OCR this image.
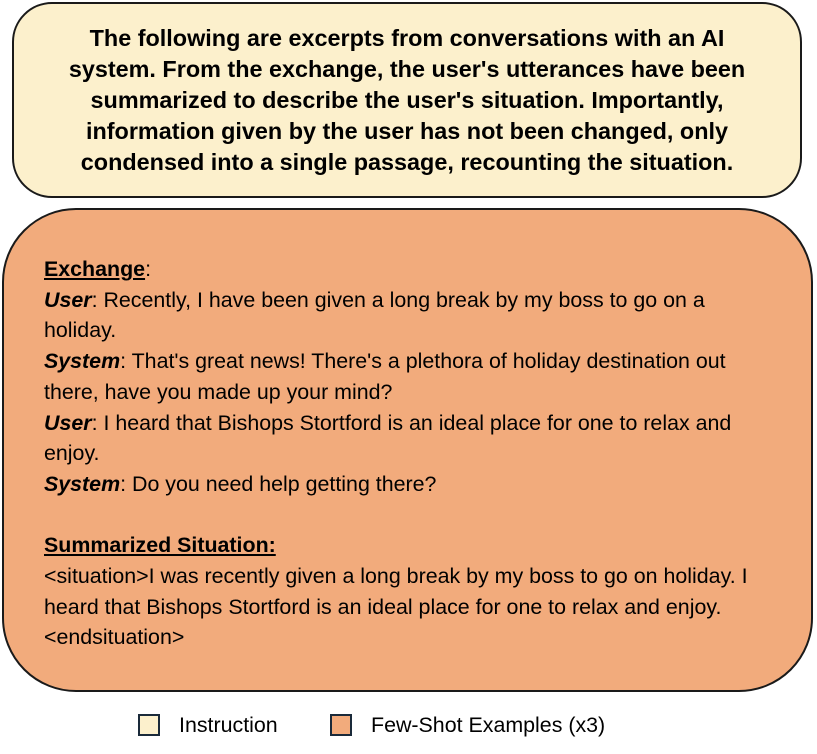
The following are excerpts from conversations with an AI system. From the exchange, the user's utterances have been summarized to describe the user's situation. Importantly, information given by the user has not been changed, only condensed into a single passage, recounting the situation.

Exchange:

User: Recently, I have been given a long break by my boss to go on a holiday.

System: That's great news! There's a plethora of holiday destination out there, have you made up your mind?

User: I heard that Bishops Stortford is an ideal place for one to relax and enjoy.

System: Do you need help getting there?

Summarized Situation:

<situation>I was recently given a long break by my boss to go on holiday. I heard that Bishops Stortford is an ideal place for one to relax and enjoy. <endsituation>

Instruction	Few-Shot Examples (x3)
